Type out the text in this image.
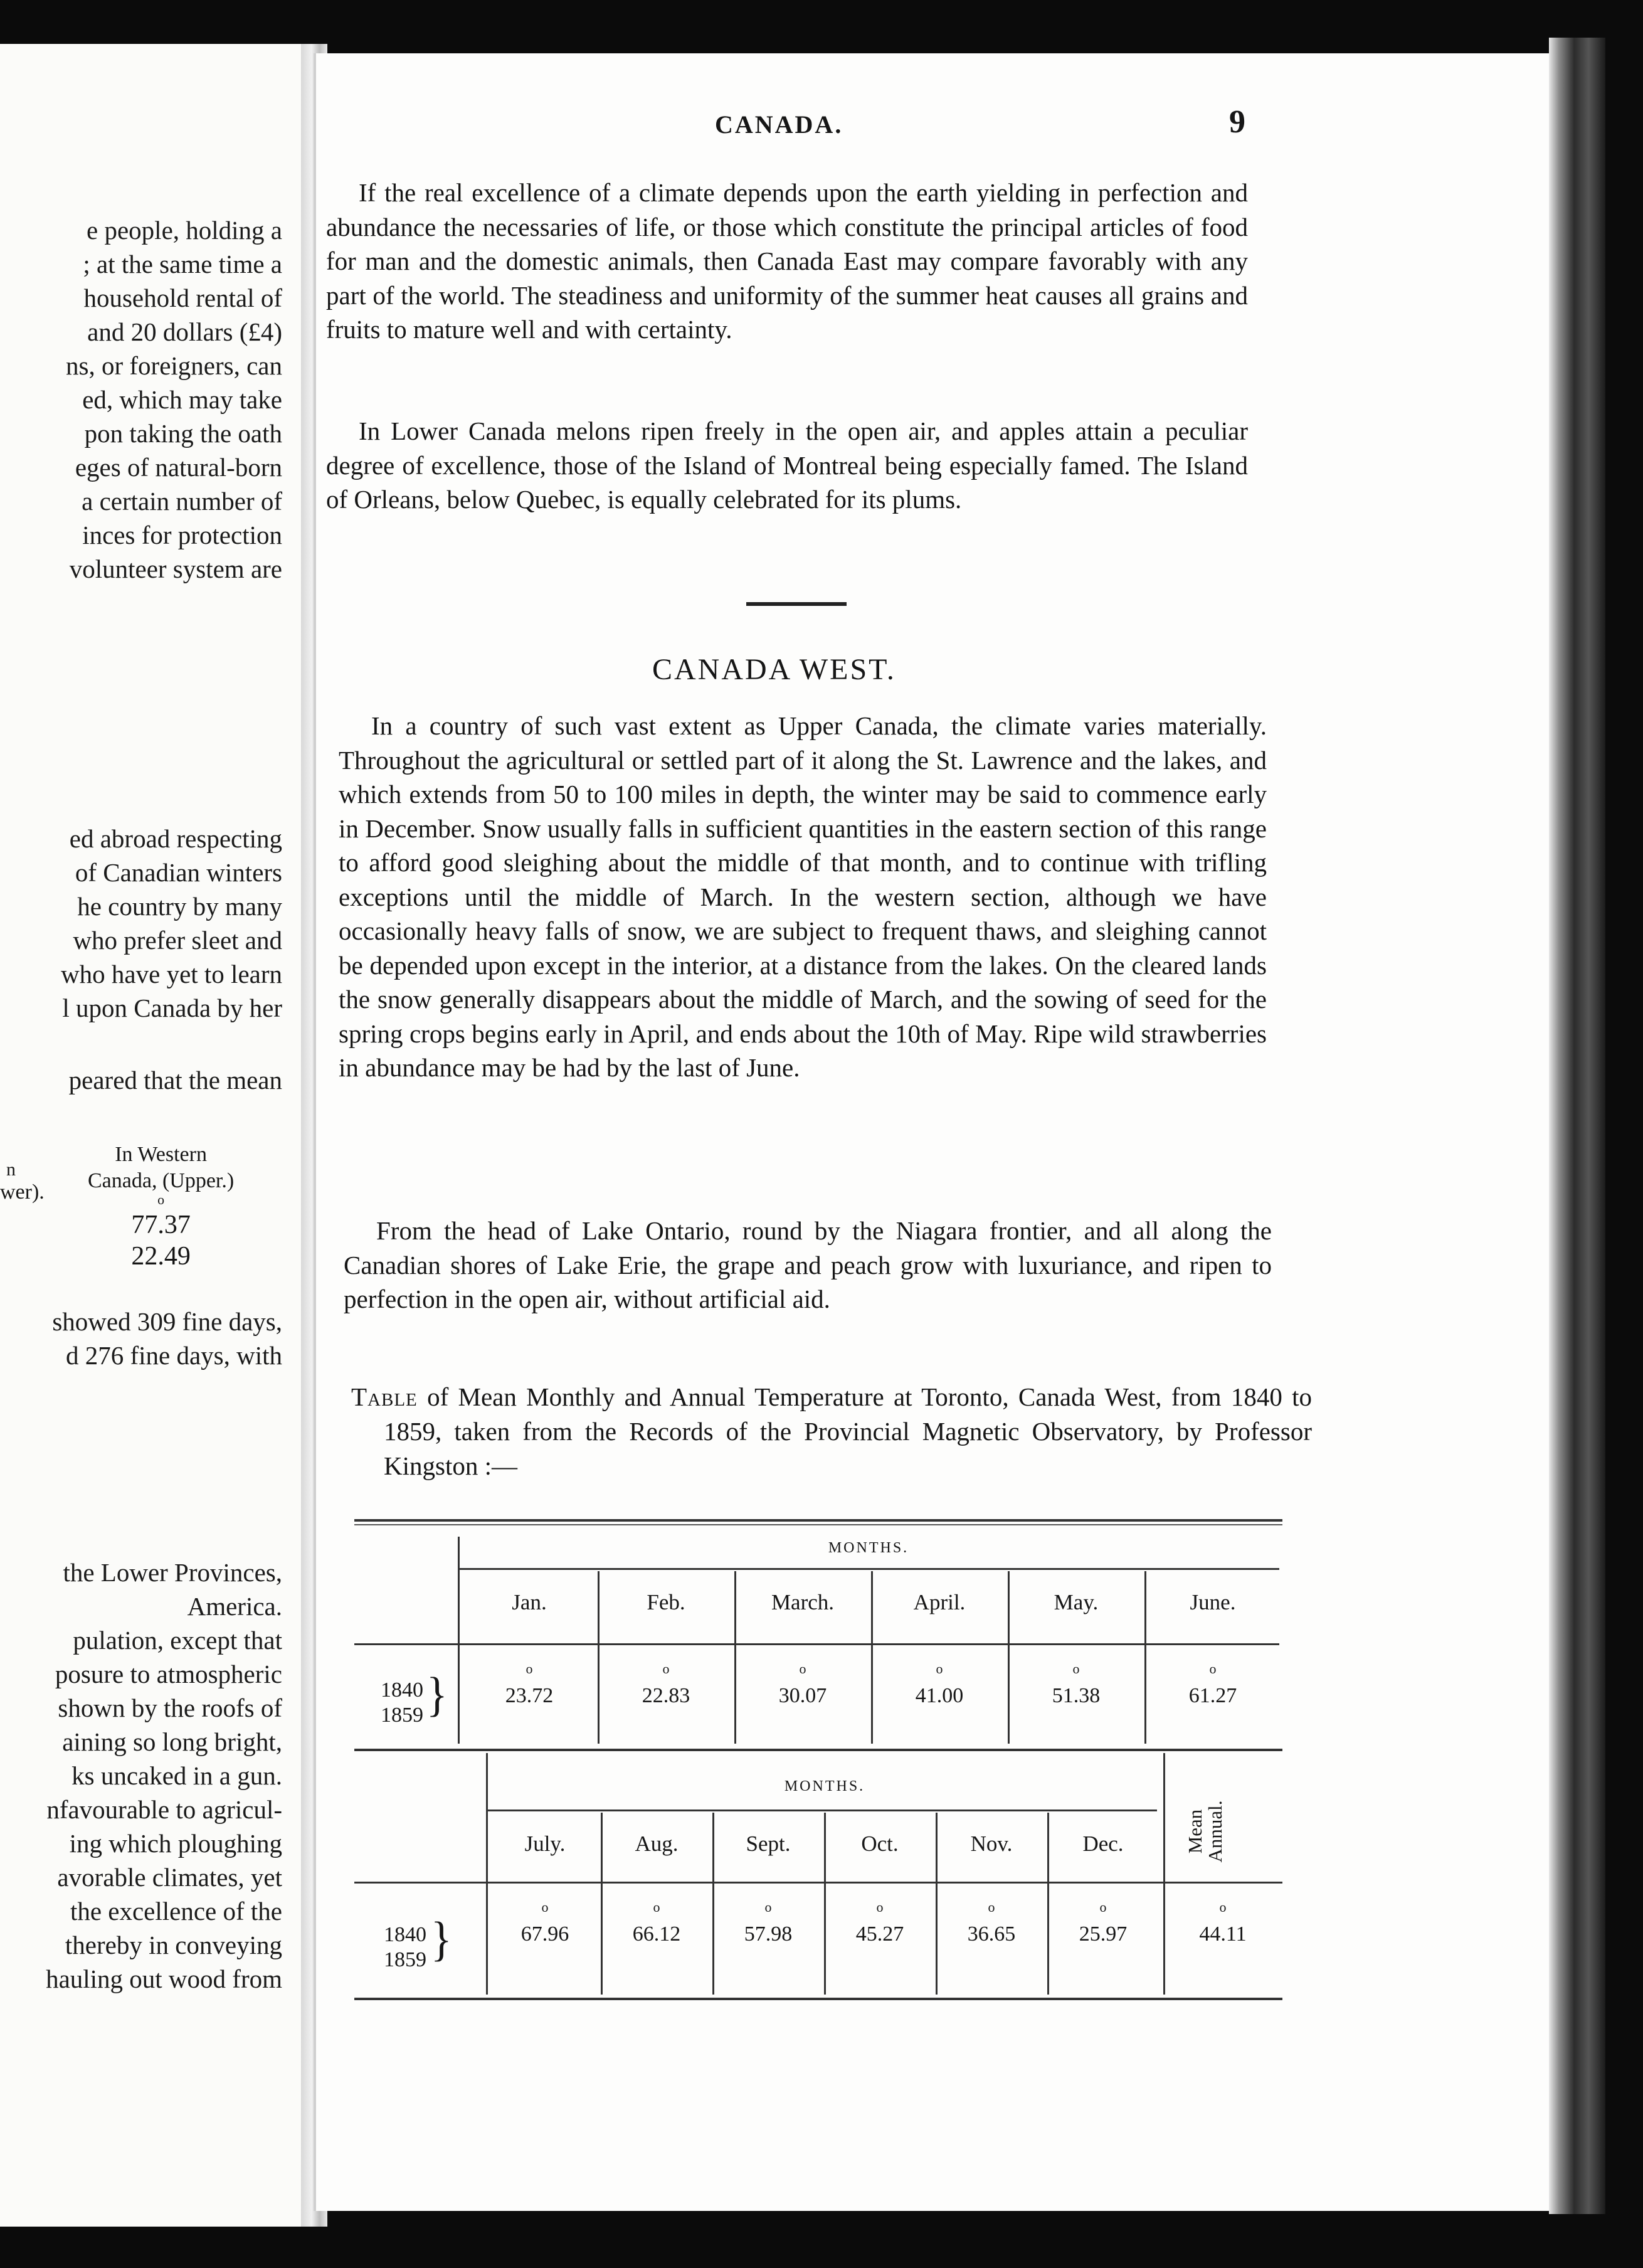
e people, holding a

; at the same time a

household rental of

and 20 dollars (£4)

ns, or foreigners, can

ed, which may take

pon taking the oath

eges of natural-born

a certain number of

inces for protection

volunteer system are

ed abroad respecting

of Canadian winters

he country by many

who prefer sleet and

who have yet to learn

l upon Canada by her

peared that the mean

n
wer).
In Western
Canada, (Upper.)
o
77.37
22.49

showed 309 fine days,

d 276 fine days, with

the Lower Provinces,

America.

pulation, except that

posure to atmospheric

shown by the roofs of

aining so long bright,

ks uncaked in a gun.

nfavourable to agricul-

ing which ploughing

avorable climates, yet

the excellence of the

thereby in conveying

hauling out wood from

CANADA.	9

If the real excellence of a climate depends upon the earth yielding in perfection and abundance the necessaries of life, or those which constitute the principal articles of food for man and the domestic animals, then Canada East may compare favorably with any part of the world. The steadiness and uniformity of the summer heat causes all grains and fruits to mature well and with certainty.

In Lower Canada melons ripen freely in the open air, and apples attain a peculiar degree of excellence, those of the Island of Montreal being especially famed. The Island of Orleans, below Quebec, is equally celebrated for its plums.

CANADA WEST.

In a country of such vast extent as Upper Canada, the climate varies materially. Throughout the agricultural or settled part of it along the St. Lawrence and the lakes, and which extends from 50 to 100 miles in depth, the winter may be said to commence early in December. Snow usually falls in sufficient quantities in the eastern section of this range to afford good sleighing about the middle of that month, and to continue with trifling exceptions until the middle of March. In the western section, although we have occasionally heavy falls of snow, we are subject to frequent thaws, and sleighing cannot be depended upon except in the interior, at a distance from the lakes. On the cleared lands the snow generally disappears about the middle of March, and the sowing of seed for the spring crops begins early in April, and ends about the 10th of May. Ripe wild strawberries in abundance may be had by the last of June.

From the head of Lake Ontario, round by the Niagara frontier, and all along the Canadian shores of Lake Erie, the grape and peach grow with luxuriance, and ripen to perfection in the open air, without artificial aid.

Table of Mean Monthly and Annual Temperature at Toronto, Canada West, from 1840 to 1859, taken from the Records of the Provincial Magnetic Observatory, by Professor Kingston :—

MONTHS.
Jan.
o
23.72
Feb.
o
22.83
March.
o
30.07
April.
o
41.00
May.
o
51.38
June.
o
61.27
1840
1859 }
MONTHS.
July.
o
67.96
Aug.
o
66.12
Sept.
o
57.98
Oct.
o
45.27
Nov.
o
36.65
Dec.
o
25.97
Mean
Annual.
o
44.11
1840
1859 }
